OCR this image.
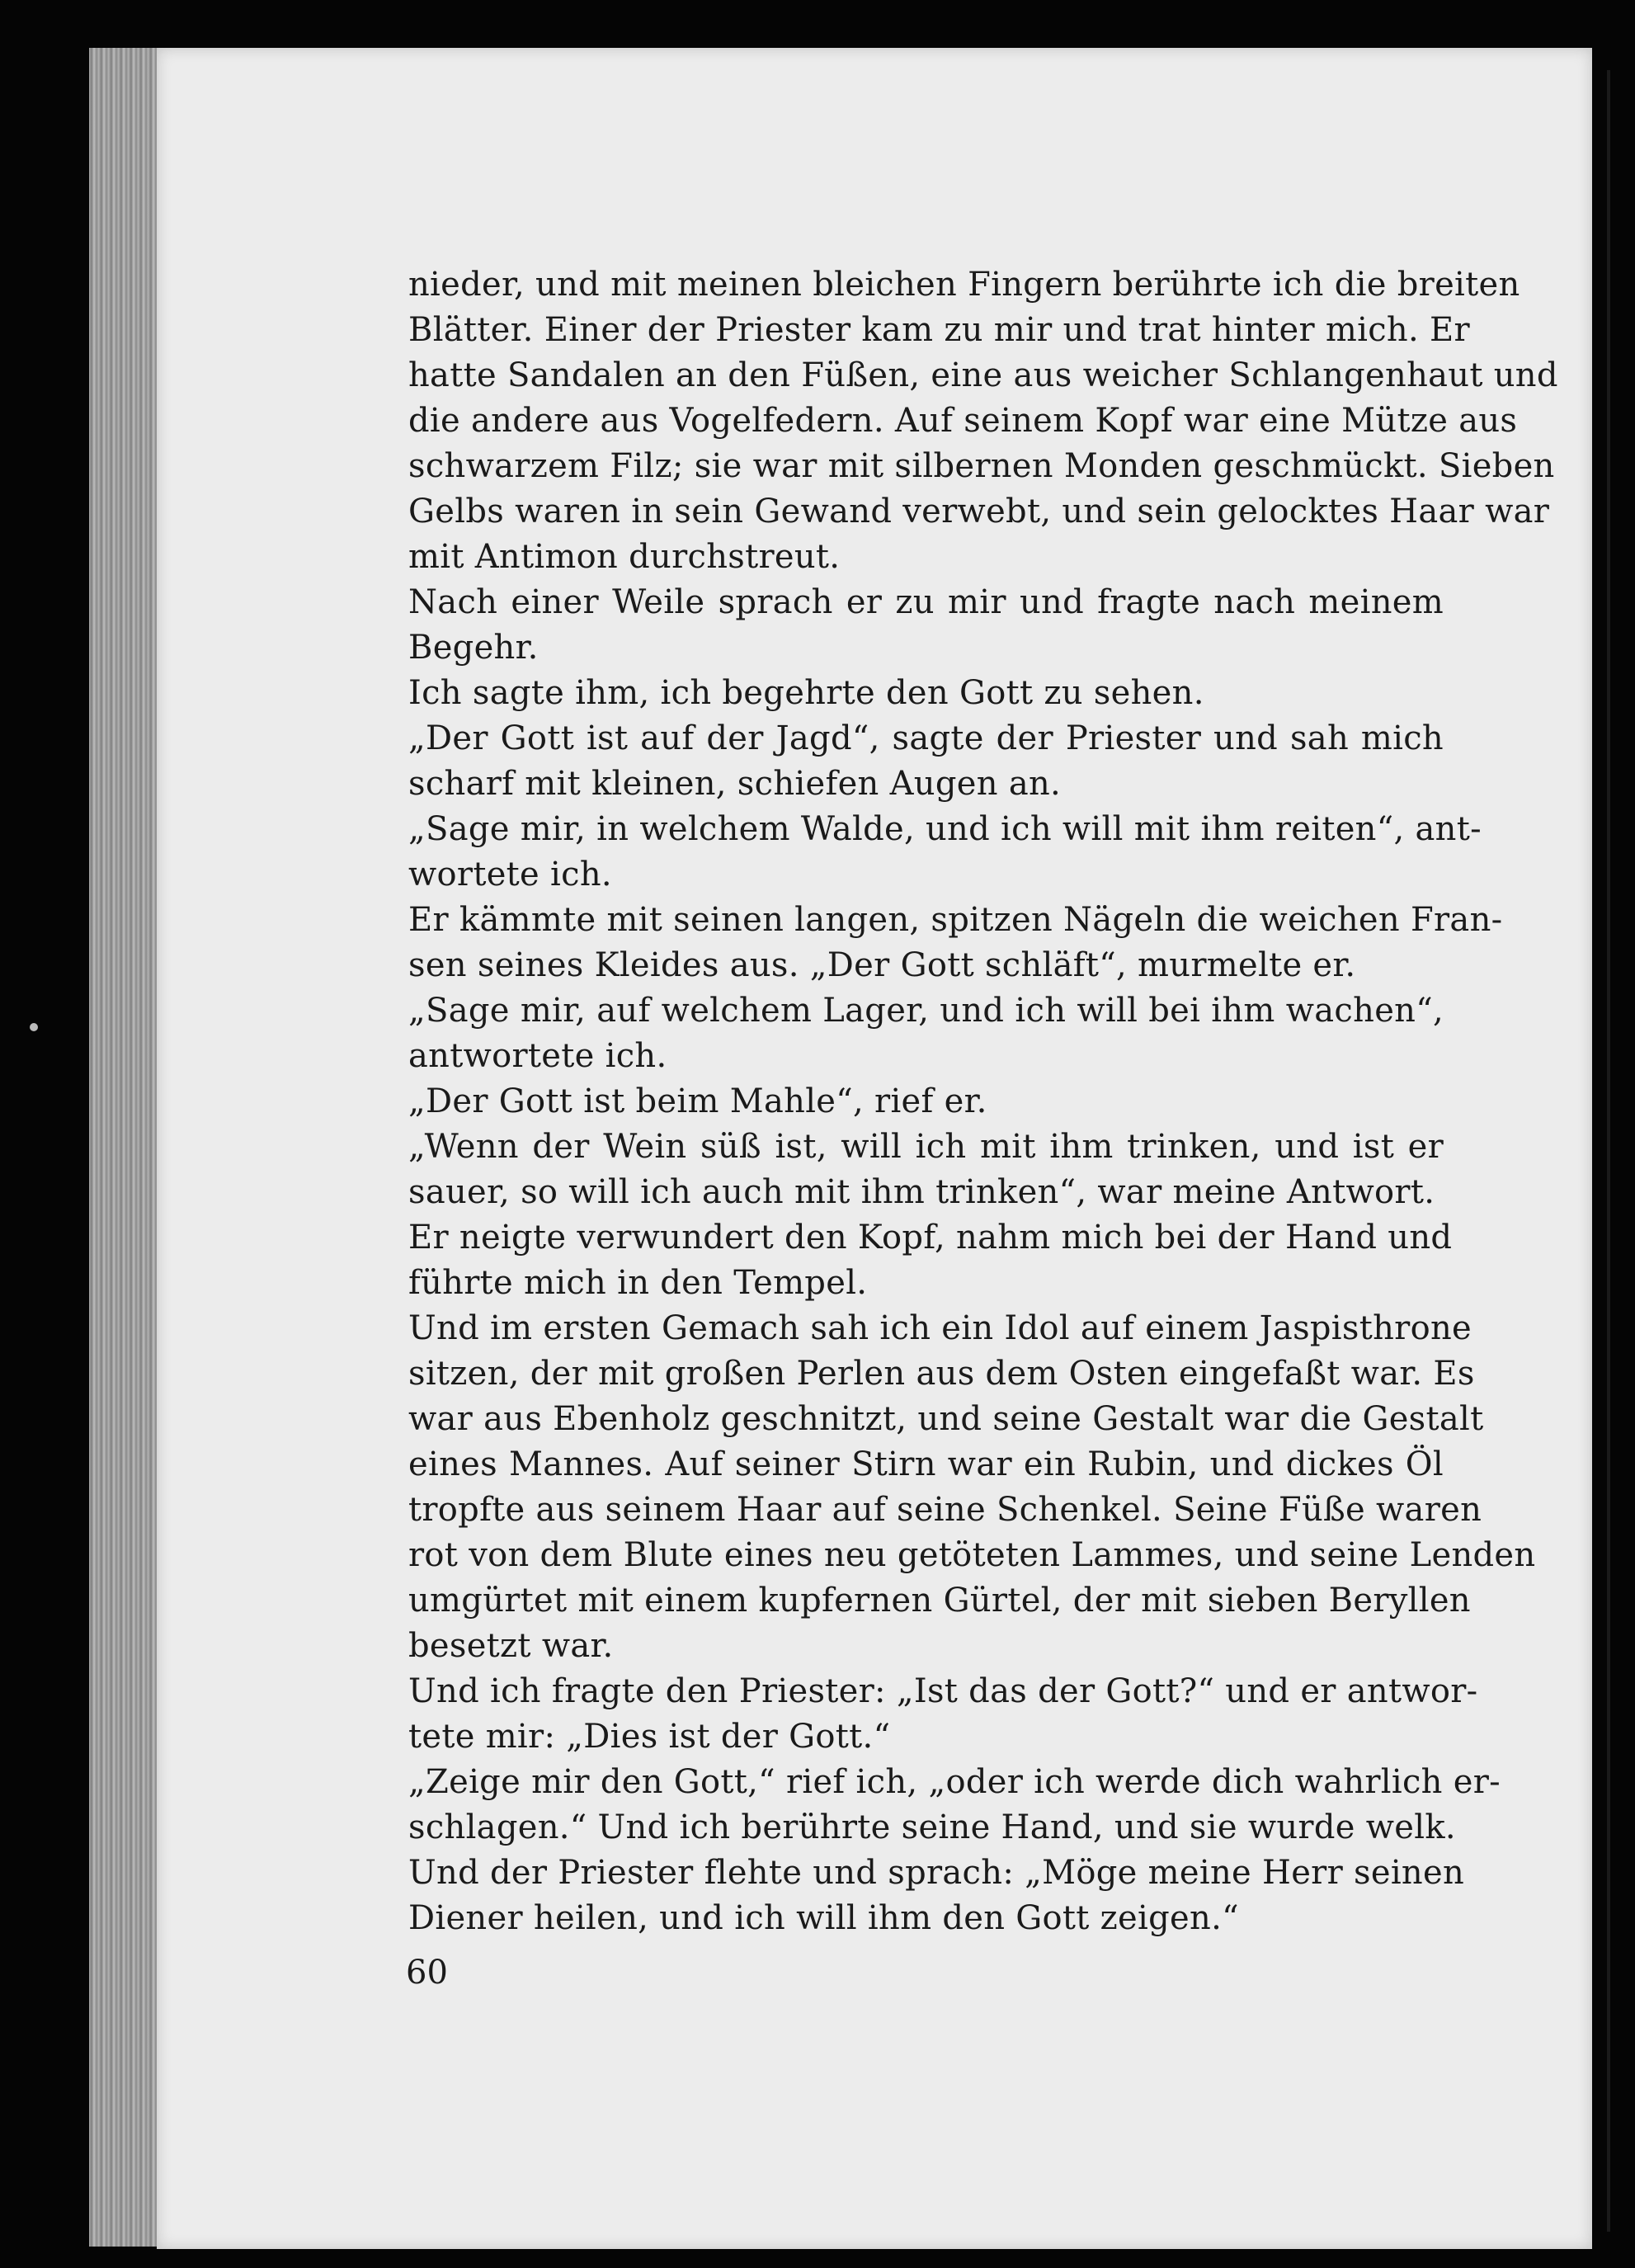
nieder, und mit meinen bleichen Fingern berührte ich die breiten
Blätter. Einer der Priester kam zu mir und trat hinter mich. Er
hatte Sandalen an den Füßen, eine aus weicher Schlangenhaut und
die andere aus Vogelfedern. Auf seinem Kopf war eine Mütze aus
schwarzem Filz; sie war mit silbernen Monden geschmückt. Sieben
Gelbs waren in sein Gewand verwebt, und sein gelocktes Haar war
mit Antimon durchstreut.
Nach einer Weile sprach er zu mir und fragte nach meinem
Begehr.
Ich sagte ihm, ich begehrte den Gott zu sehen.
„Der Gott ist auf der Jagd“, sagte der Priester und sah mich
scharf mit kleinen, schiefen Augen an.
„Sage mir, in welchem Walde, und ich will mit ihm reiten“, ant-
wortete ich.
Er kämmte mit seinen langen, spitzen Nägeln die weichen Fran-
sen seines Kleides aus. „Der Gott schläft“, murmelte er.
„Sage mir, auf welchem Lager, und ich will bei ihm wachen“,
antwortete ich.
„Der Gott ist beim Mahle“, rief er.
„Wenn der Wein süß ist, will ich mit ihm trinken, und ist er
sauer, so will ich auch mit ihm trinken“, war meine Antwort.
Er neigte verwundert den Kopf, nahm mich bei der Hand und
führte mich in den Tempel.
Und im ersten Gemach sah ich ein Idol auf einem Jaspisthrone
sitzen, der mit großen Perlen aus dem Osten eingefaßt war. Es
war aus Ebenholz geschnitzt, und seine Gestalt war die Gestalt
eines Mannes. Auf seiner Stirn war ein Rubin, und dickes Öl
tropfte aus seinem Haar auf seine Schenkel. Seine Füße waren
rot von dem Blute eines neu getöteten Lammes, und seine Lenden
umgürtet mit einem kupfernen Gürtel, der mit sieben Beryllen
besetzt war.
Und ich fragte den Priester: „Ist das der Gott?“ und er antwor-
tete mir: „Dies ist der Gott.“
„Zeige mir den Gott,“ rief ich, „oder ich werde dich wahrlich er-
schlagen.“ Und ich berührte seine Hand, und sie wurde welk.
Und der Priester flehte und sprach: „Möge meine Herr seinen
Diener heilen, und ich will ihm den Gott zeigen.“
60
